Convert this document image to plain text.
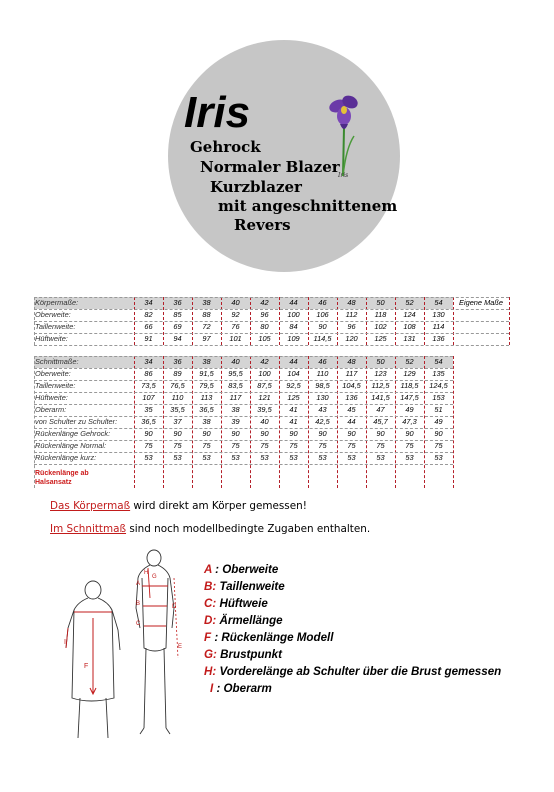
Iris
Gehrock
Normaler Blazer
Kurzblazer
mit angeschnittenem
Revers
Iris
Körpermaße:	34	36	38	40	42	44	46	48	50	52	54	Eigene Maße
Oberweite:	82	85	88	92	96	100	106	112	118	124	130
Taillenweite:	66	69	72	76	80	84	90	96	102	108	114
Hüftweite:	91	94	97	101	105	109	114,5	120	125	131	136
Schnittmaße:	34	36	38	40	42	44	46	48	50	52	54
Oberweite:	86	89	91,5	95,5	100	104	110	117	123	129	135
Taillenweite:	73,5	76,5	79,5	83,5	87,5	92,5	98,5	104,5	112,5	118,5	124,5
Hüftweite:	107	110	113	117	121	125	130	136	141,5	147,5	153
Oberarm:	35	35,5	36,5	38	39,5	41	43	45	47	49	51
von Schulter zu Schulter:	36,5	37	38	39	40	41	42,5	44	45,7	47,3	49
Rückenlänge Gehrock:	90	90	90	90	90	90	90	90	90	90	90
Rückenlänge Normal:	75	75	75	75	75	75	75	75	75	75	75
Rückenlänge kurz:	53	53	53	53	53	53	53	53	53	53	53
Rückenlänge ab Halsansatz
Das Körpermaß wird direkt am Körper gemessen!
Im Schnittmaß sind noch modellbedingte Zugaben enthalten.
I
F
A
B
C
E
D
G
H	A : Oberweite
B: Taillenweite
C: Hüftweie
D: Ärmellänge
F : Rückenlänge Modell
G: Brustpunkt
H: Vorderelänge ab Schulter über die Brust gemessen
I : Oberarm
